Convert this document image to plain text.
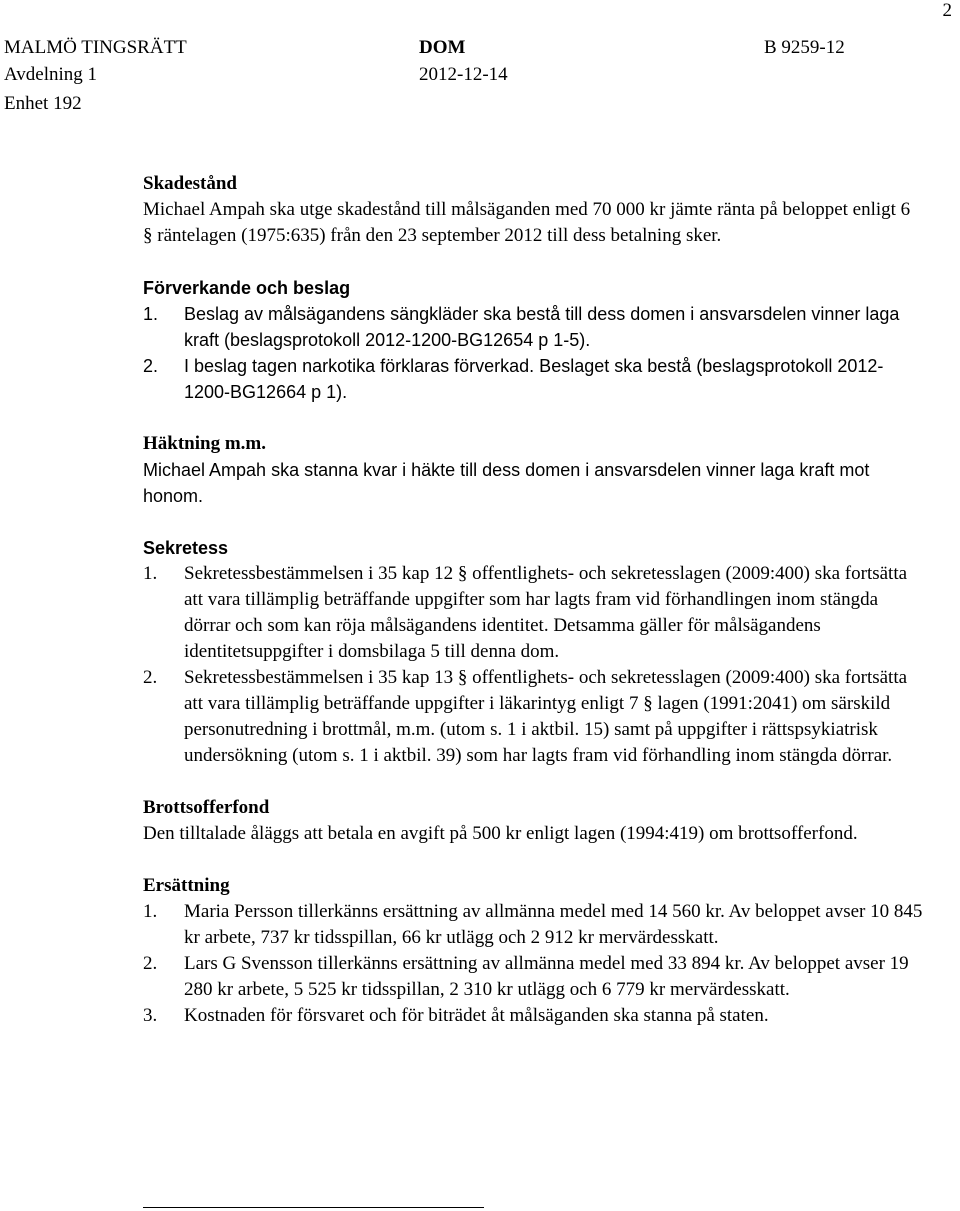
2
MALMÖ TINGSRÄTT
Avdelning 1
Enhet 192
DOM
2012-12-14
B 9259-12

Skadestånd

Michael Ampah ska utge skadestånd till målsäganden med 70 000 kr jämte ränta på beloppet enligt 6 § räntelagen (1975:635) från den 23 september 2012 till dess betalning sker.

Förverkande och beslag

1. Beslag av målsägandens sängkläder ska bestå till dess domen i ansvarsdelen vinner laga kraft (beslagsprotokoll 2012-1200-BG12654 p 1-5).
2. I beslag tagen narkotika förklaras förverkad. Beslaget ska bestå (beslagsprotokoll 2012-1200-BG12664 p 1).

Häktning m.m.

Michael Ampah ska stanna kvar i häkte till dess domen i ansvarsdelen vinner laga kraft mot honom.

Sekretess

1. Sekretessbestämmelsen i 35 kap 12 § offentlighets- och sekretesslagen (2009:400) ska fortsätta att vara tillämplig beträffande uppgifter som har lagts fram vid förhandlingen inom stängda dörrar och som kan röja målsägandens identitet. Detsamma gäller för målsägandens identitetsuppgifter i domsbilaga 5 till denna dom.
2. Sekretessbestämmelsen i 35 kap 13 § offentlighets- och sekretesslagen (2009:400) ska fortsätta att vara tillämplig beträffande uppgifter i läkarintyg enligt 7 § lagen (1991:2041) om särskild personutredning i brottmål, m.m. (utom s. 1 i aktbil. 15) samt på uppgifter i rättspsykiatrisk undersökning (utom s. 1 i aktbil. 39) som har lagts fram vid förhandling inom stängda dörrar.

Brottsofferfond

Den tilltalade åläggs att betala en avgift på 500 kr enligt lagen (1994:419) om brottsofferfond.

Ersättning

1. Maria Persson tillerkänns ersättning av allmänna medel med 14 560 kr. Av beloppet avser 10 845 kr arbete, 737 kr tidsspillan, 66 kr utlägg och 2 912 kr mervärdesskatt.
2. Lars G Svensson tillerkänns ersättning av allmänna medel med 33 894 kr. Av beloppet avser 19 280 kr arbete, 5 525 kr tidsspillan, 2 310 kr utlägg och 6 779 kr mervärdesskatt.
3. Kostnaden för försvaret och för biträdet åt målsäganden ska stanna på staten.
